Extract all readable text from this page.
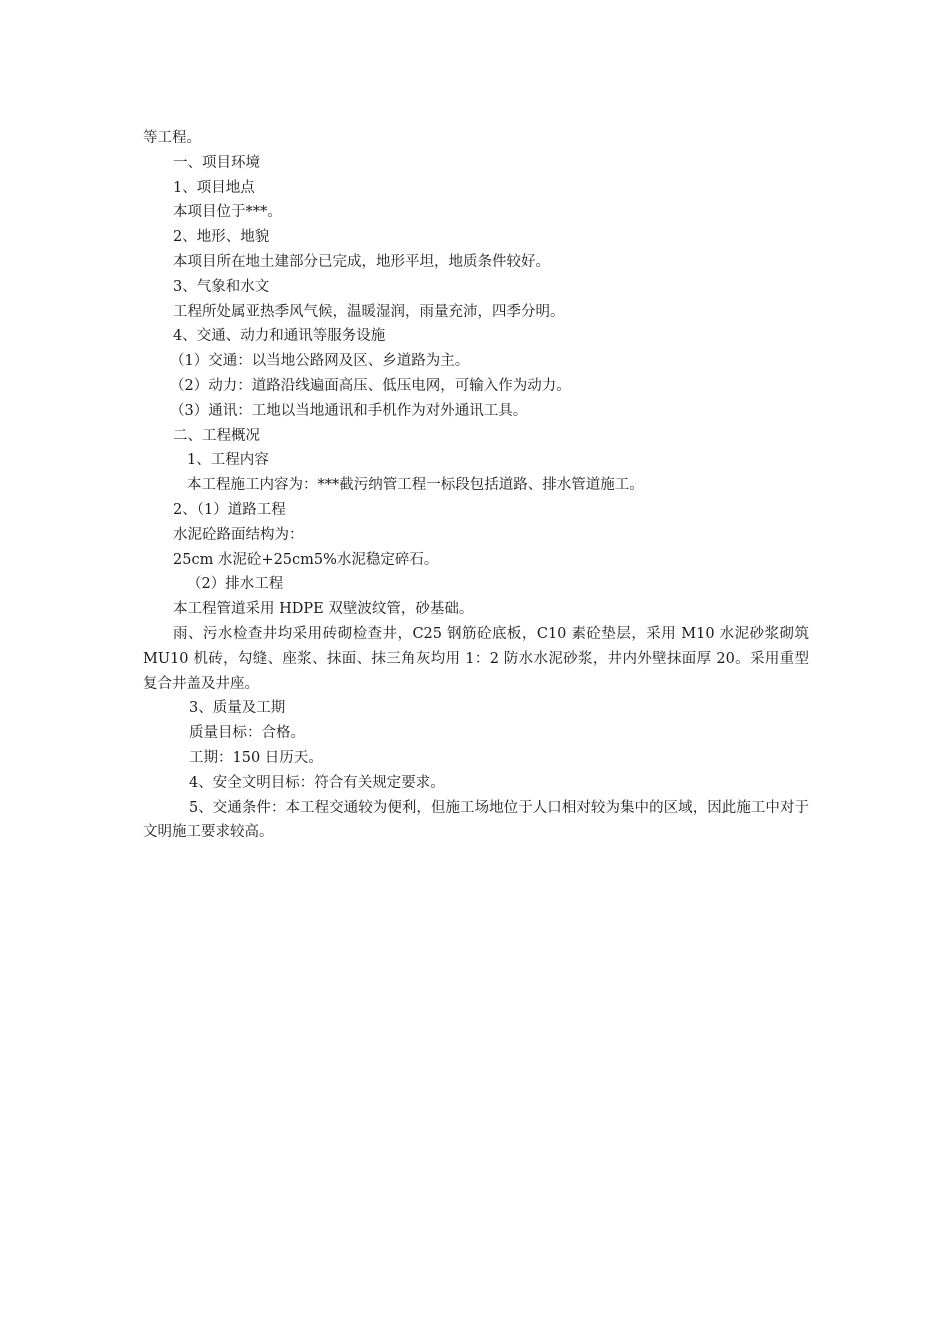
等工程。
一、项目环境
1、项目地点
本项目位于***。
2、地形、地貌
本项目所在地土建部分已完成，地形平坦，地质条件较好。
3、气象和水文
工程所处属亚热季风气候，温暖湿润，雨量充沛，四季分明。
4、交通、动力和通讯等服务设施
（1）交通：以当地公路网及区、乡道路为主。
（2）动力：道路沿线遍面高压、低压电网，可输入作为动力。
（3）通讯：工地以当地通讯和手机作为对外通讯工具。
二、工程概况
1、工程内容
本工程施工内容为：***截污纳管工程一标段包括道路、排水管道施工。
2、（1）道路工程
水泥砼路面结构为：
25cm 水泥砼+25cm5%水泥稳定碎石。
（2）排水工程
本工程管道采用 HDPE 双壁波纹管，砂基础。
雨、污水检查井均采用砖砌检查井，C25 钢筋砼底板，C10 素砼垫层，采用 M10 水泥砂浆砌筑 MU10 机砖，勾缝、座浆、抹面、抹三角灰均用 1：2 防水水泥砂浆，井内外壁抹面厚 20。采用重型复合井盖及井座。
3、质量及工期
质量目标：合格。
工期：150 日历天。
4、安全文明目标：符合有关规定要求。
5、交通条件：本工程交通较为便利，但施工场地位于人口相对较为集中的区域，因此施工中对于文明施工要求较高。
